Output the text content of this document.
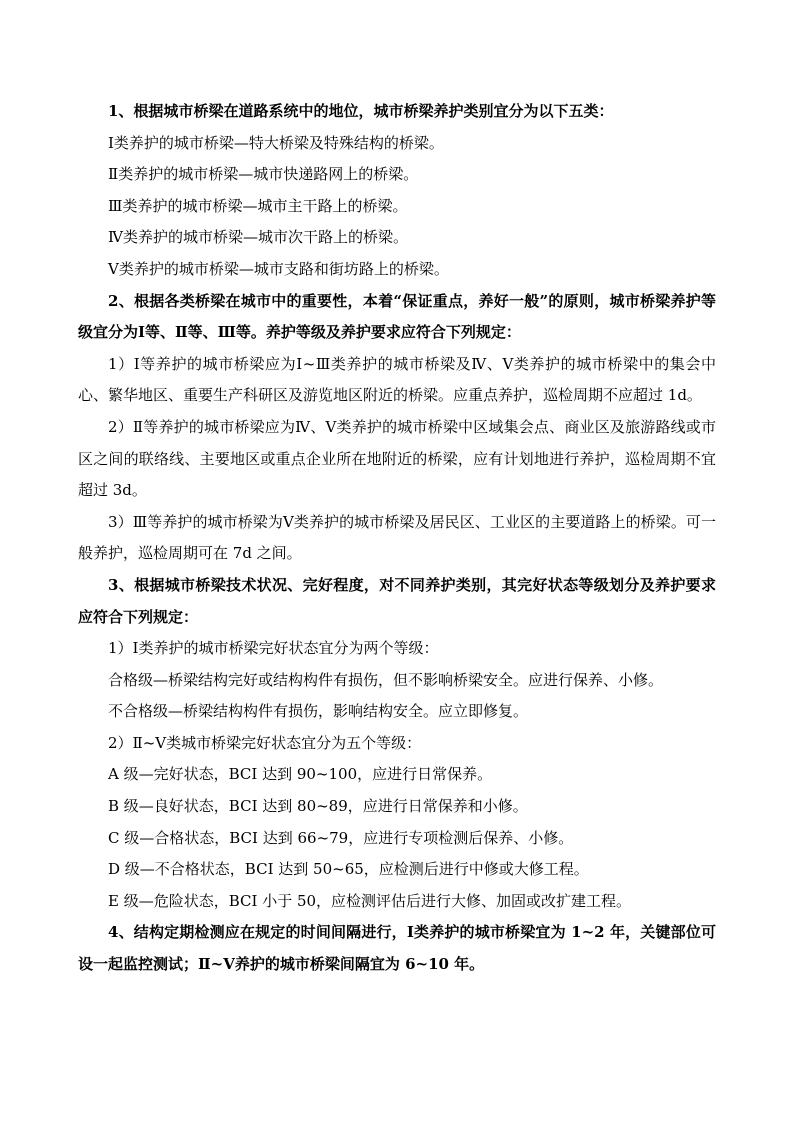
1、根据城市桥梁在道路系统中的地位，城市桥梁养护类别宜分为以下五类：

Ⅰ类养护的城市桥梁—特大桥梁及特殊结构的桥梁。

Ⅱ类养护的城市桥梁—城市快递路网上的桥梁。

Ⅲ类养护的城市桥梁—城市主干路上的桥梁。

Ⅳ类养护的城市桥梁—城市次干路上的桥梁。

Ⅴ类养护的城市桥梁—城市支路和街坊路上的桥梁。

2、根据各类桥梁在城市中的重要性，本着“保证重点，养好一般”的原则，城市桥梁养护等级宜分为Ⅰ等、Ⅱ等、Ⅲ等。养护等级及养护要求应符合下列规定：

1）Ⅰ等养护的城市桥梁应为Ⅰ~Ⅲ类养护的城市桥梁及Ⅳ、Ⅴ类养护的城市桥梁中的集会中心、繁华地区、重要生产科研区及游览地区附近的桥梁。应重点养护，巡检周期不应超过 1d。

2）Ⅱ等养护的城市桥梁应为Ⅳ、Ⅴ类养护的城市桥梁中区域集会点、商业区及旅游路线或市区之间的联络线、主要地区或重点企业所在地附近的桥梁，应有计划地进行养护，巡检周期不宜超过 3d。

3）Ⅲ等养护的城市桥梁为Ⅴ类养护的城市桥梁及居民区、工业区的主要道路上的桥梁。可一般养护，巡检周期可在 7d 之间。

3、根据城市桥梁技术状况、完好程度，对不同养护类别，其完好状态等级划分及养护要求应符合下列规定：

1）Ⅰ类养护的城市桥梁完好状态宜分为两个等级：

合格级—桥梁结构完好或结构构件有损伤，但不影响桥梁安全。应进行保养、小修。

不合格级—桥梁结构构件有损伤，影响结构安全。应立即修复。

2）Ⅱ~Ⅴ类城市桥梁完好状态宜分为五个等级：

A 级—完好状态，BCI 达到 90~100，应进行日常保养。

B 级—良好状态，BCI 达到 80~89，应进行日常保养和小修。

C 级—合格状态，BCI 达到 66~79，应进行专项检测后保养、小修。

D 级—不合格状态，BCI 达到 50~65，应检测后进行中修或大修工程。

E 级—危险状态，BCI 小于 50，应检测评估后进行大修、加固或改扩建工程。

4、结构定期检测应在规定的时间间隔进行，Ⅰ类养护的城市桥梁宜为 1~2 年，关键部位可设一起监控测试；Ⅱ~Ⅴ养护的城市桥梁间隔宜为 6~10 年。
